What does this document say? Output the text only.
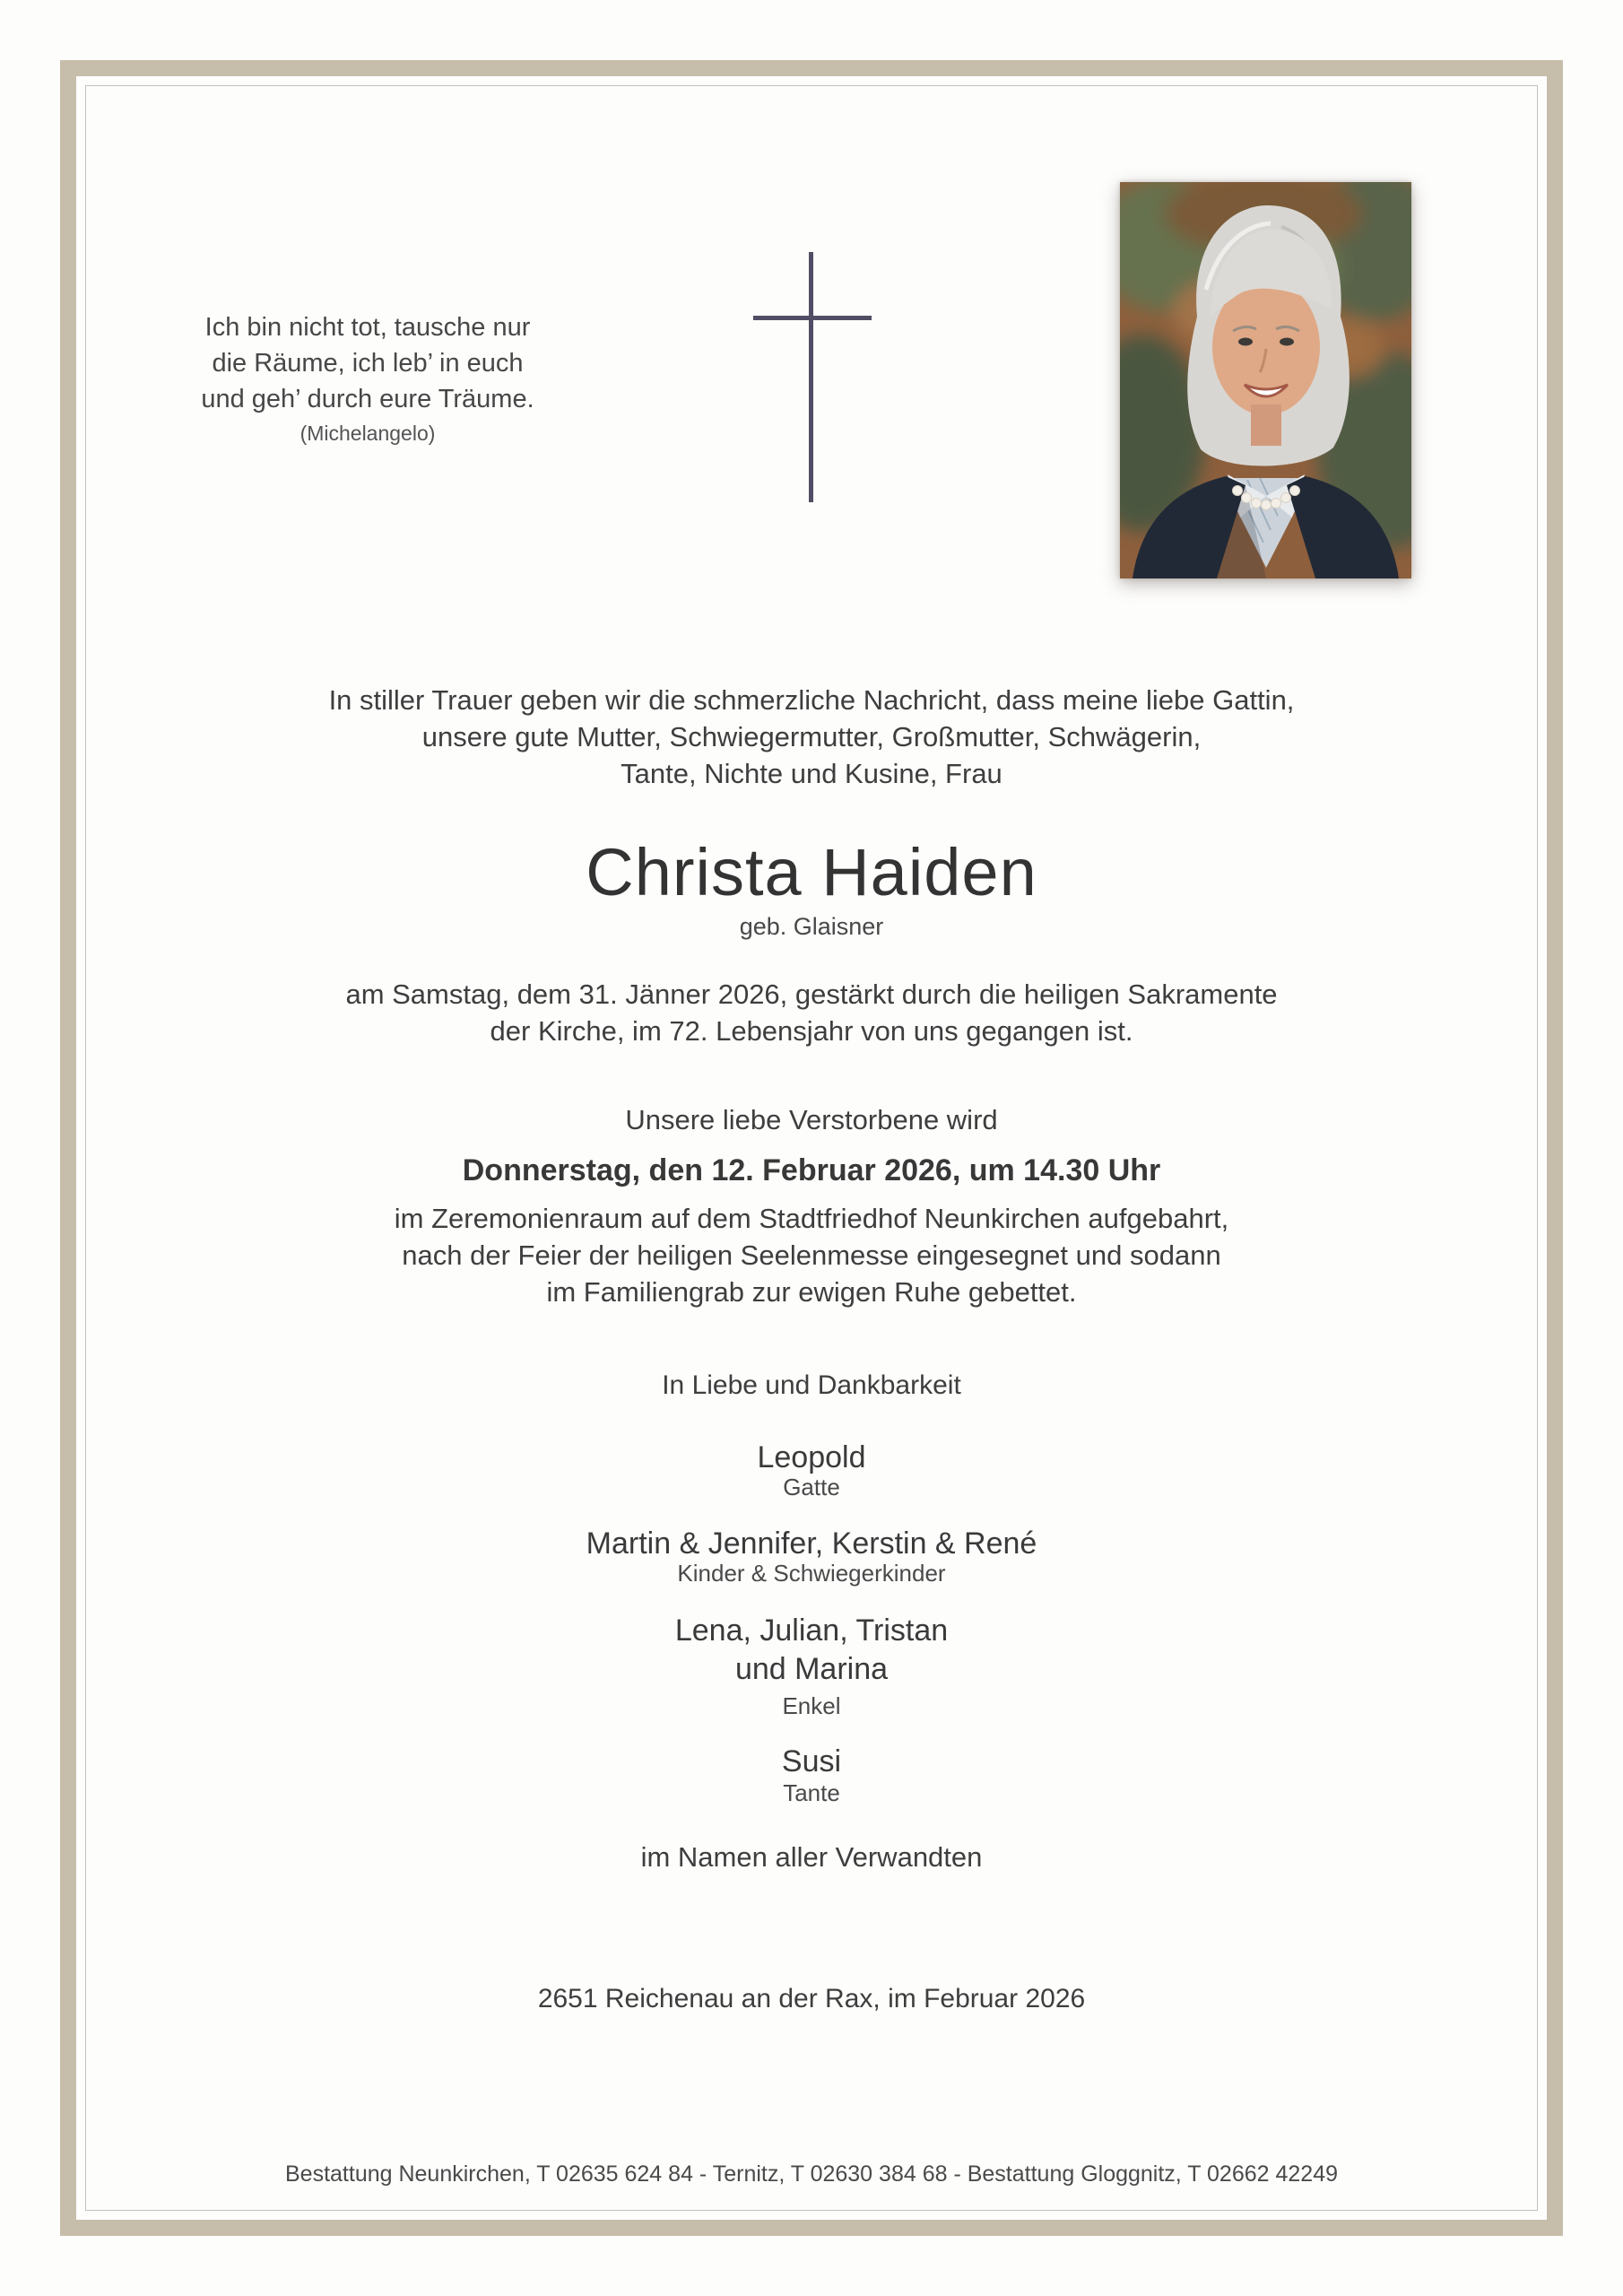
Ich bin nicht tot, tausche nur
die Räume, ich leb’ in euch
und geh’ durch eure Träume.
(Michelangelo)
In stiller Trauer geben wir die schmerzliche Nachricht, dass meine liebe Gattin,
unsere gute Mutter, Schwiegermutter, Großmutter, Schwägerin,
Tante, Nichte und Kusine, Frau
Christa Haiden
geb. Glaisner
am Samstag, dem 31. Jänner 2026, gestärkt durch die heiligen Sakramente
der Kirche, im 72. Lebensjahr von uns gegangen ist.
Unsere liebe Verstorbene wird
Donnerstag, den 12. Februar 2026, um 14.30 Uhr
im Zeremonienraum auf dem Stadtfriedhof Neunkirchen aufgebahrt,
nach der Feier der heiligen Seelenmesse eingesegnet und sodann
im Familiengrab zur ewigen Ruhe gebettet.
In Liebe und Dankbarkeit
Leopold
Gatte
Martin & Jennifer, Kerstin & René
Kinder & Schwiegerkinder
Lena, Julian, Tristan
und Marina
Enkel
Susi
Tante
im Namen aller Verwandten
2651 Reichenau an der Rax, im Februar 2026
Bestattung Neunkirchen, T 02635 624 84 - Ternitz, T 02630 384 68 - Bestattung Gloggnitz, T 02662 42249
